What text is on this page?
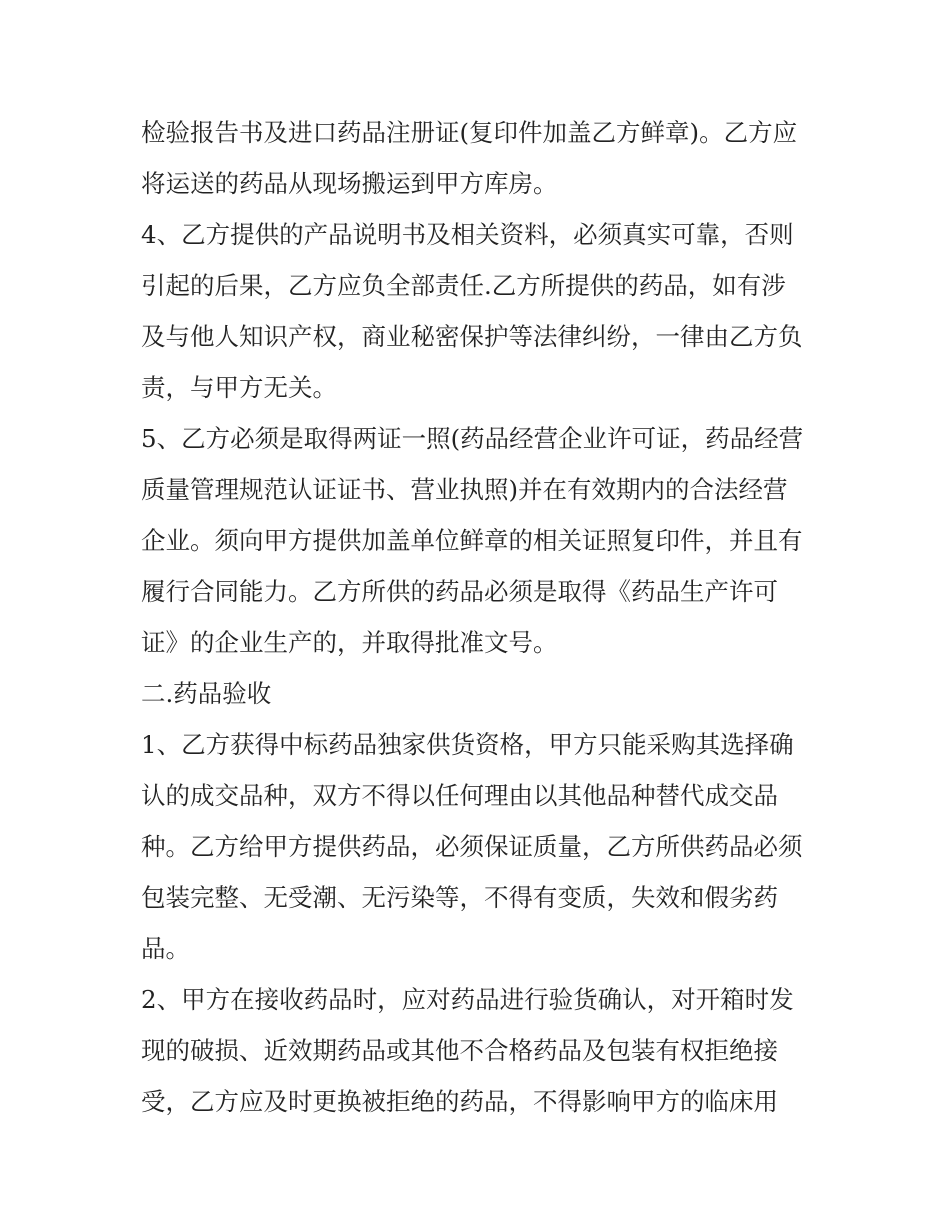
检验报告书及进口药品注册证(复印件加盖乙方鲜章)。乙方应
将运送的药品从现场搬运到甲方库房。
4、乙方提供的产品说明书及相关资料，必须真实可靠，否则
引起的后果，乙方应负全部责任.乙方所提供的药品，如有涉
及与他人知识产权，商业秘密保护等法律纠纷，一律由乙方负
责，与甲方无关。
5、乙方必须是取得两证一照(药品经营企业许可证，药品经营
质量管理规范认证证书、营业执照)并在有效期内的合法经营
企业。须向甲方提供加盖单位鲜章的相关证照复印件，并且有
履行合同能力。乙方所供的药品必须是取得《药品生产许可
证》的企业生产的，并取得批准文号。
二.药品验收
1、乙方获得中标药品独家供货资格，甲方只能采购其选择确
认的成交品种，双方不得以任何理由以其他品种替代成交品
种。乙方给甲方提供药品，必须保证质量，乙方所供药品必须
包装完整、无受潮、无污染等，不得有变质，失效和假劣药
品。
2、甲方在接收药品时，应对药品进行验货确认，对开箱时发
现的破损、近效期药品或其他不合格药品及包装有权拒绝接
受，乙方应及时更换被拒绝的药品，不得影响甲方的临床用
